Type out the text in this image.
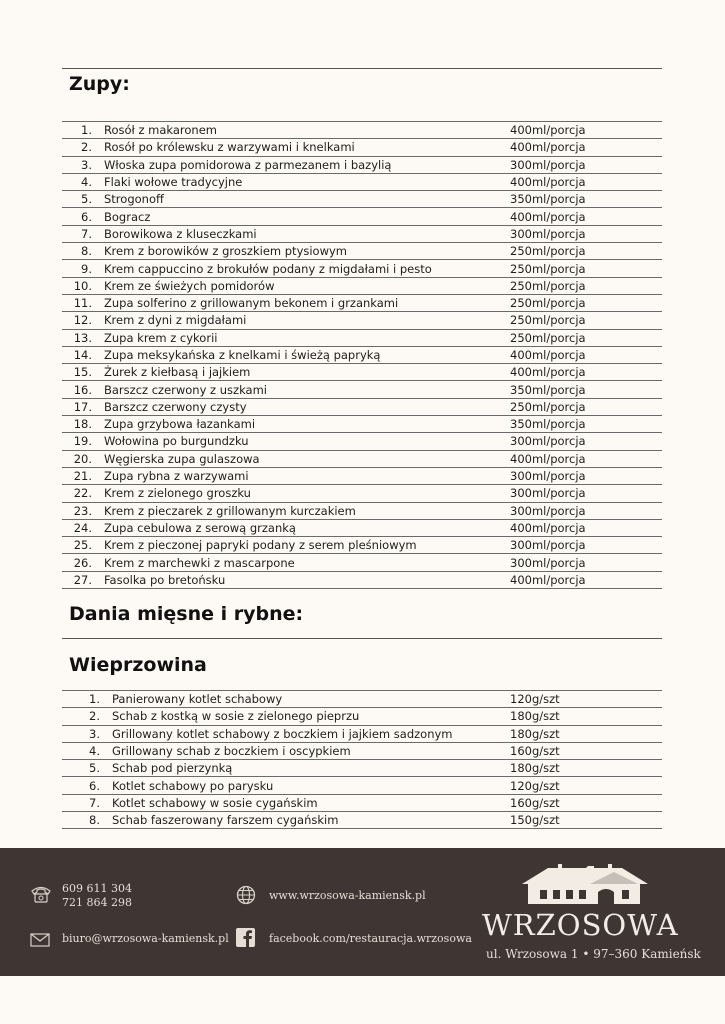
Zupy:
1.	Rosół z makaronem	400ml/porcja
2.	Rosół po królewsku z warzywami i knelkami	400ml/porcja
3.	Włoska zupa pomidorowa z parmezanem i bazylią	300ml/porcja
4.	Flaki wołowe tradycyjne	400ml/porcja
5.	Strogonoff	350ml/porcja
6.	Bogracz	400ml/porcja
7.	Borowikowa z kluseczkami	300ml/porcja
8.	Krem z borowików z groszkiem ptysiowym	250ml/porcja
9.	Krem cappuccino z brokułów podany z migdałami i pesto	250ml/porcja
10.	Krem ze świeżych pomidorów	250ml/porcja
11.	Zupa solferino z grillowanym bekonem i grzankami	250ml/porcja
12.	Krem z dyni z migdałami	250ml/porcja
13.	Zupa krem z cykorii	250ml/porcja
14.	Zupa meksykańska z knelkami i świeżą papryką	400ml/porcja
15.	Żurek z kiełbasą i jajkiem	400ml/porcja
16.	Barszcz czerwony z uszkami	350ml/porcja
17.	Barszcz czerwony czysty	250ml/porcja
18.	Zupa grzybowa łazankami	350ml/porcja
19.	Wołowina po burgundzku	300ml/porcja
20.	Węgierska zupa gulaszowa	400ml/porcja
21.	Zupa rybna z warzywami	300ml/porcja
22.	Krem z zielonego groszku	300ml/porcja
23.	Krem z pieczarek z grillowanym kurczakiem	300ml/porcja
24.	Zupa cebulowa z serową grzanką	400ml/porcja
25.	Krem z pieczonej papryki podany z serem pleśniowym	300ml/porcja
26.	Krem z marchewki z mascarpone	300ml/porcja
27.	Fasolka po bretońsku	400ml/porcja
Dania mięsne i rybne:
Wieprzowina
1.	Panierowany kotlet schabowy	120g/szt
2.	Schab z kostką w sosie z zielonego pieprzu	180g/szt
3.	Grillowany kotlet schabowy z boczkiem i jajkiem sadzonym	180g/szt
4.	Grillowany schab z boczkiem i oscypkiem	160g/szt
5.	Schab pod pierzynką	180g/szt
6.	Kotlet schabowy po parysku	120g/szt
7.	Kotlet schabowy w sosie cygańskim	160g/szt
8.	Schab faszerowany farszem cygańskim	150g/szt
609 611 304
721 864 298
biuro@wrzosowa-kamiensk.pl
www.wrzosowa-kamiensk.pl
facebook.com/restauracja.wrzosowa WRZOSOWA
ul. Wrzosowa 1 • 97–360 Kamieńsk
